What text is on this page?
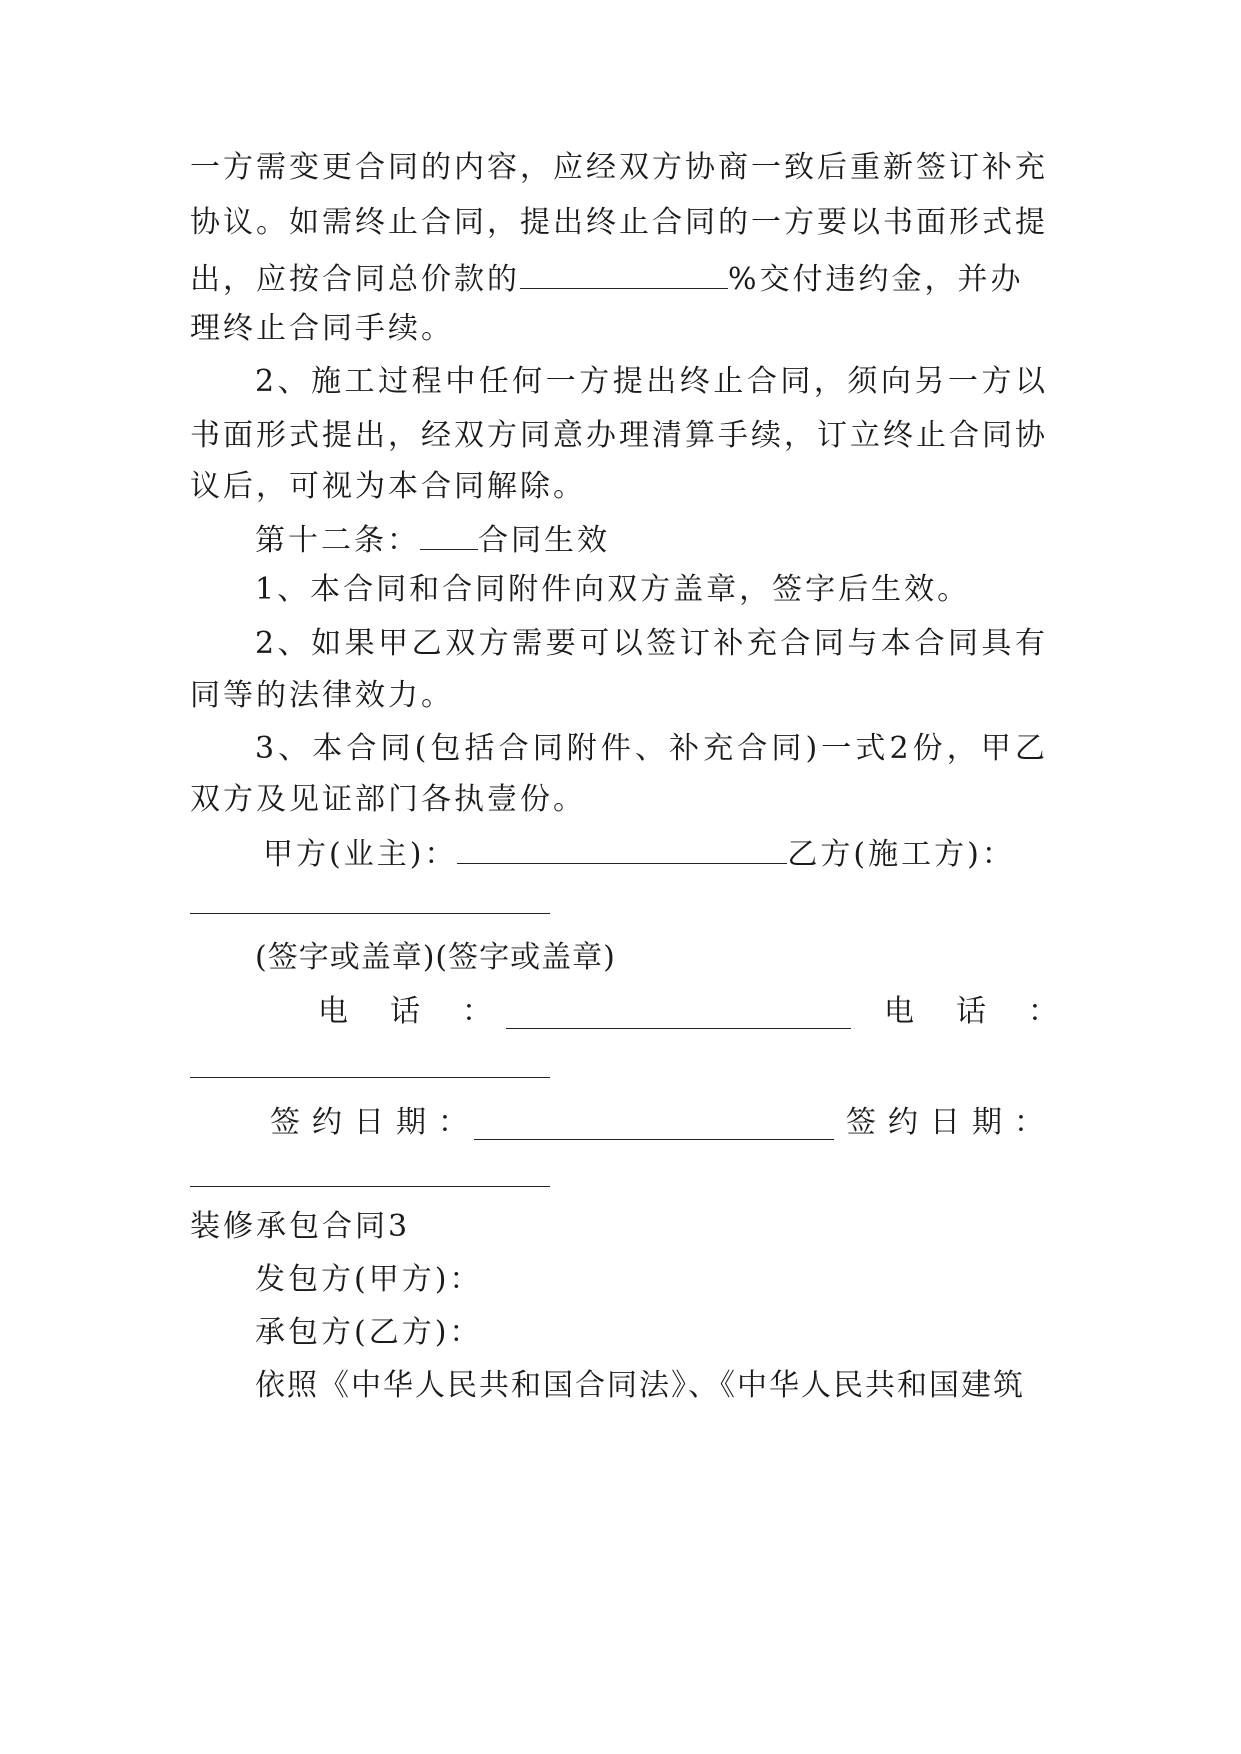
一方需变更合同的内容，应经双方协商一致后重新签订补充
协议。如需终止合同，提出终止合同的一方要以书面形式提
出，应按合同总价款的	%交付违约金，并办
理终止合同手续。
2、施工过程中任何一方提出终止合同，须向另一方以
书面形式提出，经双方同意办理清算手续，订立终止合同协
议后，可视为本合同解除。
第十二条： 合同生效
1、本合同和合同附件向双方盖章，签字后生效。
2、如果甲乙双方需要可以签订补充合同与本合同具有
同等的法律效力。
3、本合同(包括合同附件、补充合同)一式2份，甲乙
双方及见证部门各执壹份。
甲方(业主)：	乙方(施工方)：
(签字或盖章)(签字或盖章)
电　话　：	电　话　：
签约日期：	签约日期：
装修承包合同3
发包方(甲方)：
承包方(乙方)：
依照《中华人民共和国合同法》、《中华人民共和国建筑
